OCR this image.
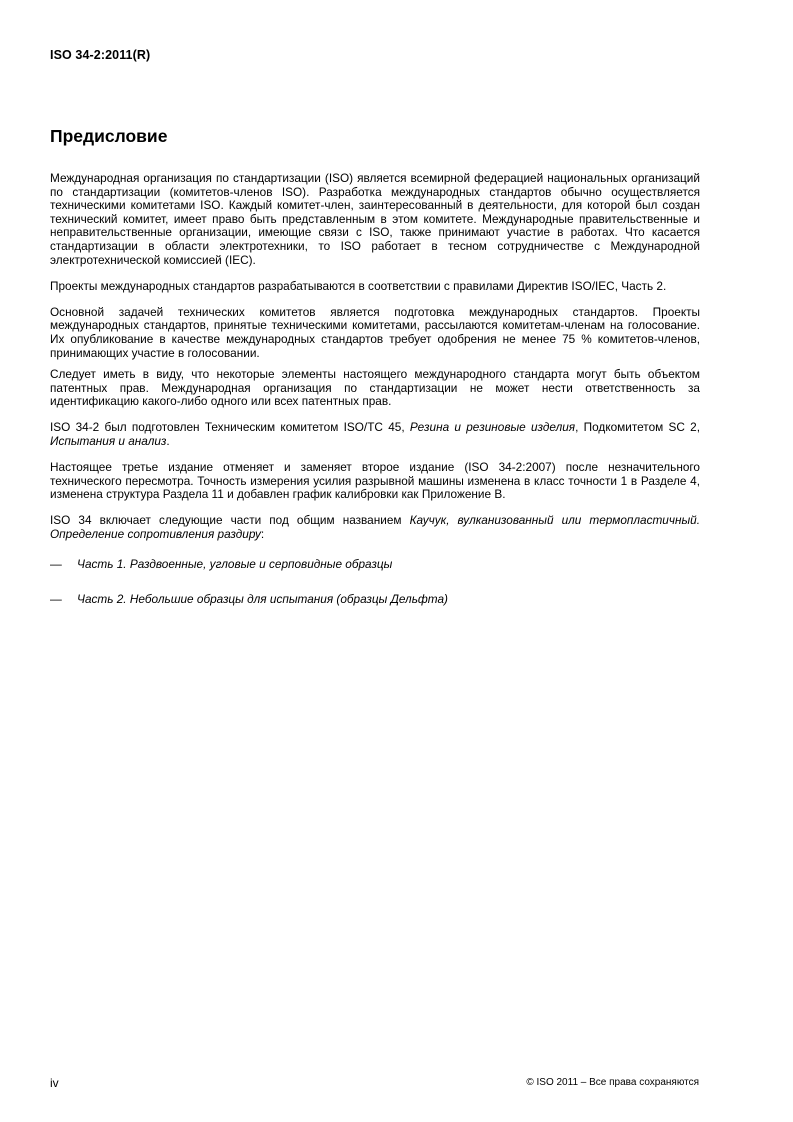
ISO 34-2:2011(R)
Предисловие

Международная организация по стандартизации (ISO) является всемирной федерацией национальных организаций по стандартизации (комитетов-членов ISO). Разработка международных стандартов обычно осуществляется техническими комитетами ISO. Каждый комитет-член, заинтересованный в деятельности, для которой был создан технический комитет, имеет право быть представленным в этом комитете. Международные правительственные и неправительственные организации, имеющие связи с ISO, также принимают участие в работах. Что касается стандартизации в области электротехники, то ISO работает в тесном сотрудничестве с Международной электротехнической комиссией (IEC).

Проекты международных стандартов разрабатываются в соответствии с правилами Директив ISO/IEC, Часть 2.

Основной задачей технических комитетов является подготовка международных стандартов. Проекты международных стандартов, принятые техническими комитетами, рассылаются комитетам-членам на голосование. Их опубликование в качестве международных стандартов требует одобрения не менее 75 % комитетов-членов, принимающих участие в голосовании.

Следует иметь в виду, что некоторые элементы настоящего международного стандарта могут быть объектом патентных прав. Международная организация по стандартизации не может нести ответственность за идентификацию какого-либо одного или всех патентных прав.

ISO 34-2 был подготовлен Техническим комитетом ISO/TC 45, Резина и резиновые изделия, Подкомитетом SC 2, Испытания и анализ.

Настоящее третье издание отменяет и заменяет второе издание (ISO 34-2:2007) после незначительного технического пересмотра. Точность измерения усилия разрывной машины изменена в класс точности 1 в Разделе 4, изменена структура Раздела 11 и добавлен график калибровки как Приложение B.

ISO 34 включает следующие части под общим названием Каучук, вулканизованный или термопластичный. Определение сопротивления раздиру:

—	Часть 1. Раздвоенные, угловые и серповидные образцы
—	Часть 2. Небольшие образцы для испытания (образцы Дельфта)
iv	© ISO 2011 – Все права сохраняются
